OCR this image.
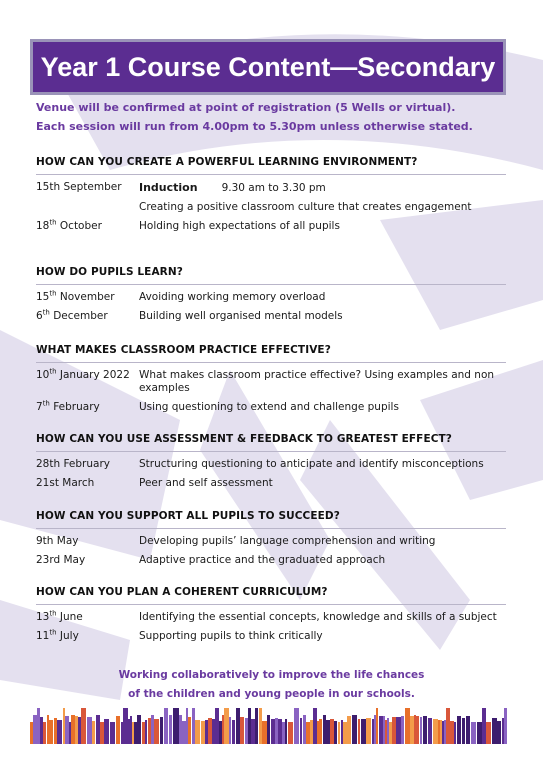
Year 1 Course Content—Secondary
Venue will be confirmed at point of registration (5 Wells or virtual).
Each session will run from 4.00pm to 5.30pm unless otherwise stated.
HOW CAN YOU CREATE A POWERFUL LEARNING ENVIRONMENT?
15th September	Induction 9.30 am to 3.30 pm
Creating a positive classroom culture that creates engagement
18th October	Holding high expectations of all pupils
HOW DO PUPILS LEARN?
15th November	Avoiding working memory overload
6th December	Building well organised mental models
WHAT MAKES CLASSROOM PRACTICE EFFECTIVE?
10th January 2022 What makes classroom practice effective? Using examples and non examples
7th February	Using questioning to extend and challenge pupils
HOW CAN YOU USE ASSESSMENT & FEEDBACK TO GREATEST EFFECT?
28th February	Structuring questioning to anticipate and identify misconceptions
21st March	Peer and self assessment
HOW CAN YOU SUPPORT ALL PUPILS TO SUCCEED?
9th May	Developing pupils’ language comprehension and writing
23rd May	Adaptive practice and the graduated approach
HOW CAN YOU PLAN A COHERENT CURRICULUM?
13th June	Identifying the essential concepts, knowledge and skills of a subject
11th July	Supporting pupils to think critically
Working collaboratively to improve the life chances
of the children and young people in our schools.
